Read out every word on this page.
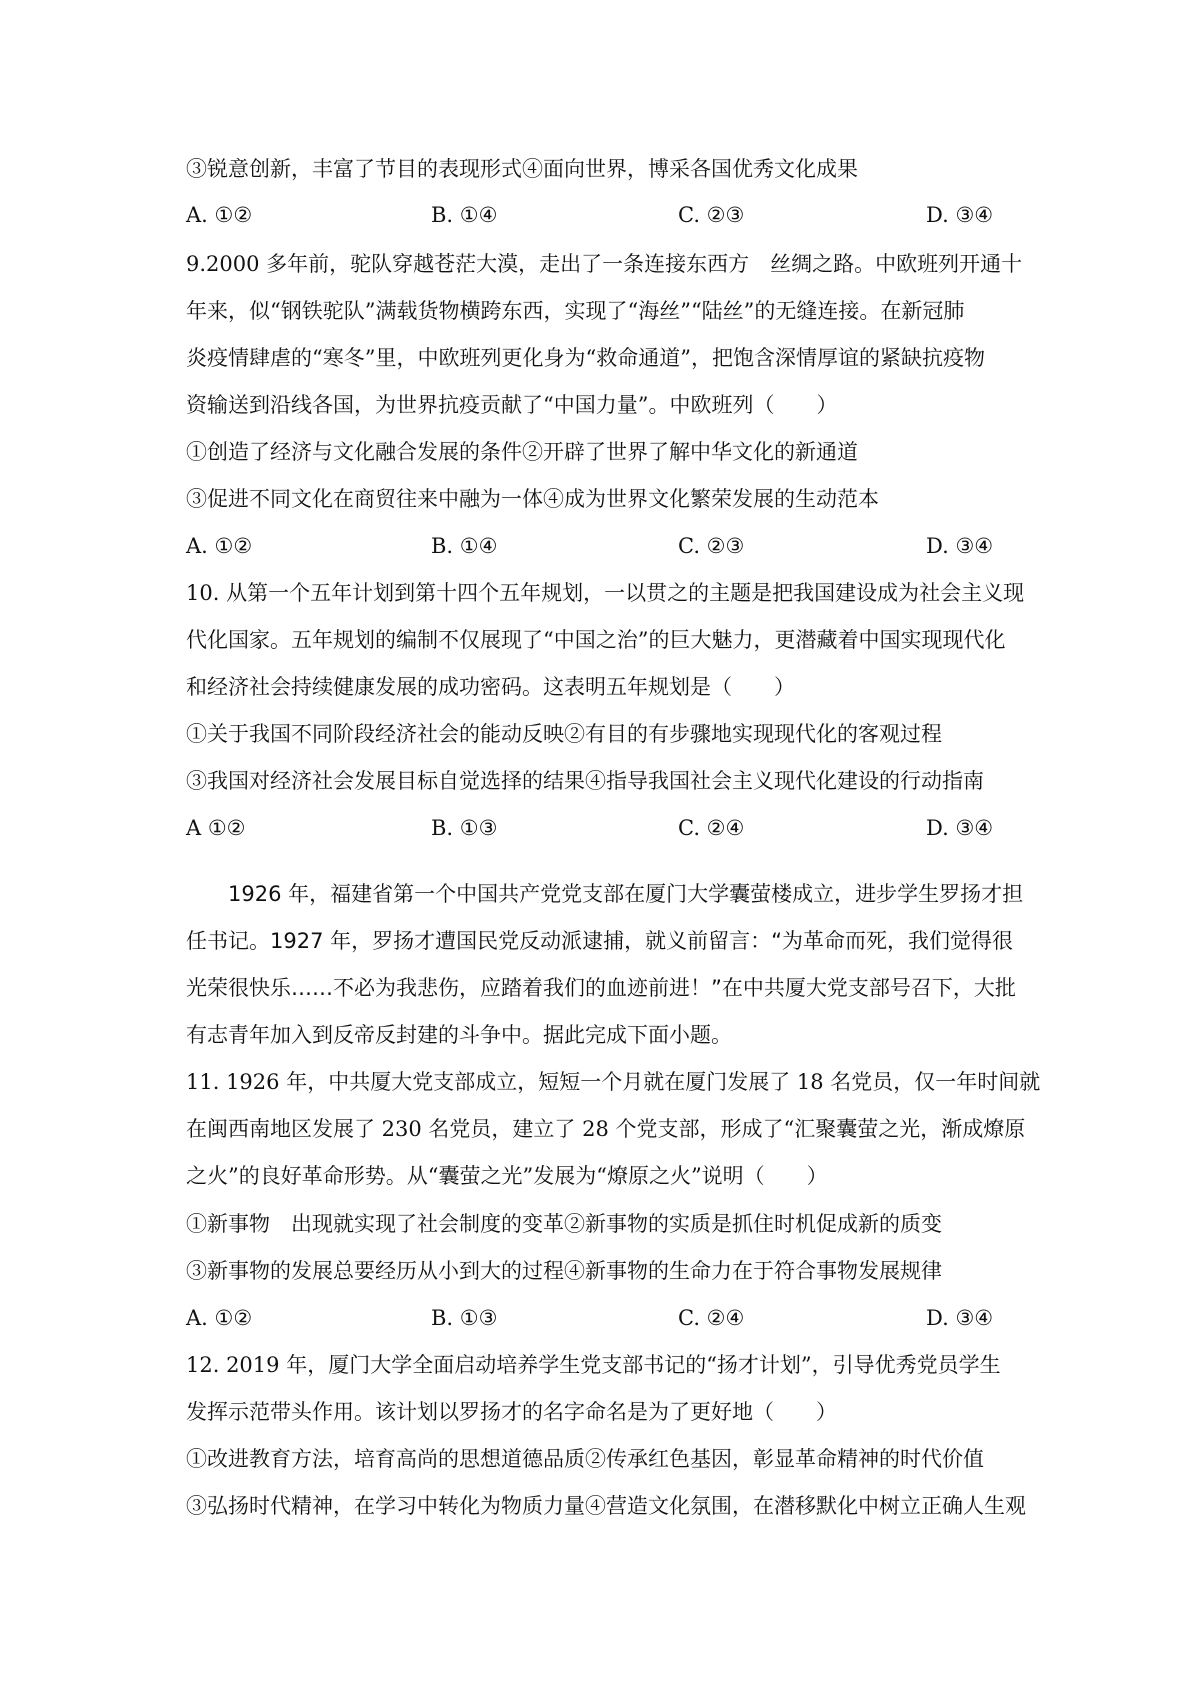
③锐意创新，丰富了节目的表现形式④面向世界，博采各国优秀文化成果
A. ①②	B. ①④	C. ②③	D. ③④
9.2000 多年前，驼队穿越苍茫大漠，走出了一条连接东西方　丝绸之路。中欧班列开通十
年来，似“钢铁驼队”满载货物横跨东西，实现了“海丝”“陆丝”的无缝连接。在新冠肺
炎疫情肆虐的“寒冬”里，中欧班列更化身为“救命通道”，把饱含深情厚谊的紧缺抗疫物
资输送到沿线各国，为世界抗疫贡献了“中国力量”。中欧班列（　　）
①创造了经济与文化融合发展的条件②开辟了世界了解中华文化的新通道
③促进不同文化在商贸往来中融为一体④成为世界文化繁荣发展的生动范本
A. ①②	B. ①④	C. ②③	D. ③④
10. 从第一个五年计划到第十四个五年规划，一以贯之的主题是把我国建设成为社会主义现
代化国家。五年规划的编制不仅展现了“中国之治”的巨大魅力，更潜藏着中国实现现代化
和经济社会持续健康发展的成功密码。这表明五年规划是（　　）
①关于我国不同阶段经济社会的能动反映②有目的有步骤地实现现代化的客观过程
③我国对经济社会发展目标自觉选择的结果④指导我国社会主义现代化建设的行动指南
A ①②	B. ①③	C. ②④	D. ③④
　　1926 年，福建省第一个中国共产党党支部在厦门大学囊萤楼成立，进步学生罗扬才担
任书记。1927 年，罗扬才遭国民党反动派逮捕，就义前留言：“为革命而死，我们觉得很
光荣很快乐……不必为我悲伤，应踏着我们的血迹前进！”在中共厦大党支部号召下，大批
有志青年加入到反帝反封建的斗争中。据此完成下面小题。
11. 1926 年，中共厦大党支部成立，短短一个月就在厦门发展了 18 名党员，仅一年时间就
在闽西南地区发展了 230 名党员，建立了 28 个党支部，形成了“汇聚囊萤之光，渐成燎原
之火”的良好革命形势。从“囊萤之光”发展为“燎原之火”说明（　　）
①新事物　出现就实现了社会制度的变革②新事物的实质是抓住时机促成新的质变
③新事物的发展总要经历从小到大的过程④新事物的生命力在于符合事物发展规律
A. ①②	B. ①③	C. ②④	D. ③④
12. 2019 年，厦门大学全面启动培养学生党支部书记的“扬才计划”，引导优秀党员学生
发挥示范带头作用。该计划以罗扬才的名字命名是为了更好地（　　）
①改进教育方法，培育高尚的思想道德品质②传承红色基因，彰显革命精神的时代价值
③弘扬时代精神，在学习中转化为物质力量④营造文化氛围，在潜移默化中树立正确人生观
